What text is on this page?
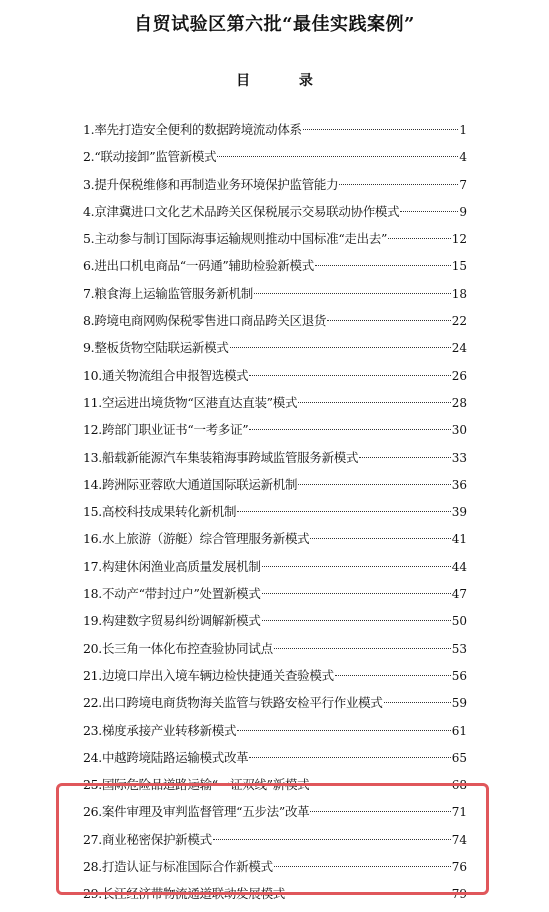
自贸试验区第六批“最佳实践案例”
目 录
1.率先打造安全便利的数据跨境流动体系	1
2.“联动接卸”监管新模式	4
3.提升保税维修和再制造业务环境保护监管能力	7
4.京津冀进口文化艺术品跨关区保税展示交易联动协作模式	9
5.主动参与制订国际海事运输规则推动中国标准“走出去”	12
6.进出口机电商品“一码通”辅助检验新模式	15
7.粮食海上运输监管服务新机制	18
8.跨境电商网购保税零售进口商品跨关区退货	22
9.整板货物空陆联运新模式	24
10.通关物流组合申报智选模式	26
11.空运进出境货物“区港直达直装”模式	28
12.跨部门职业证书“一考多证”	30
13.船载新能源汽车集装箱海事跨域监管服务新模式	33
14.跨洲际亚蓉欧大通道国际联运新机制	36
15.高校科技成果转化新机制	39
16.水上旅游（游艇）综合管理服务新模式	41
17.构建休闲渔业高质量发展机制	44
18.不动产“带封过户”处置新模式	47
19.构建数字贸易纠纷调解新模式	50
20.长三角一体化布控查验协同试点	53
21.边境口岸出入境车辆边检快捷通关查验模式	56
22.出口跨境电商货物海关监管与铁路安检平行作业模式	59
23.梯度承接产业转移新模式	61
24.中越跨境陆路运输模式改革	65
25.国际危险品道路运输“一证双线”新模式	68
26.案件审理及审判监督管理“五步法”改革	71
27.商业秘密保护新模式	74
28.打造认证与标准国际合作新模式	76
29.长江经济带物流通道联动发展模式	79
